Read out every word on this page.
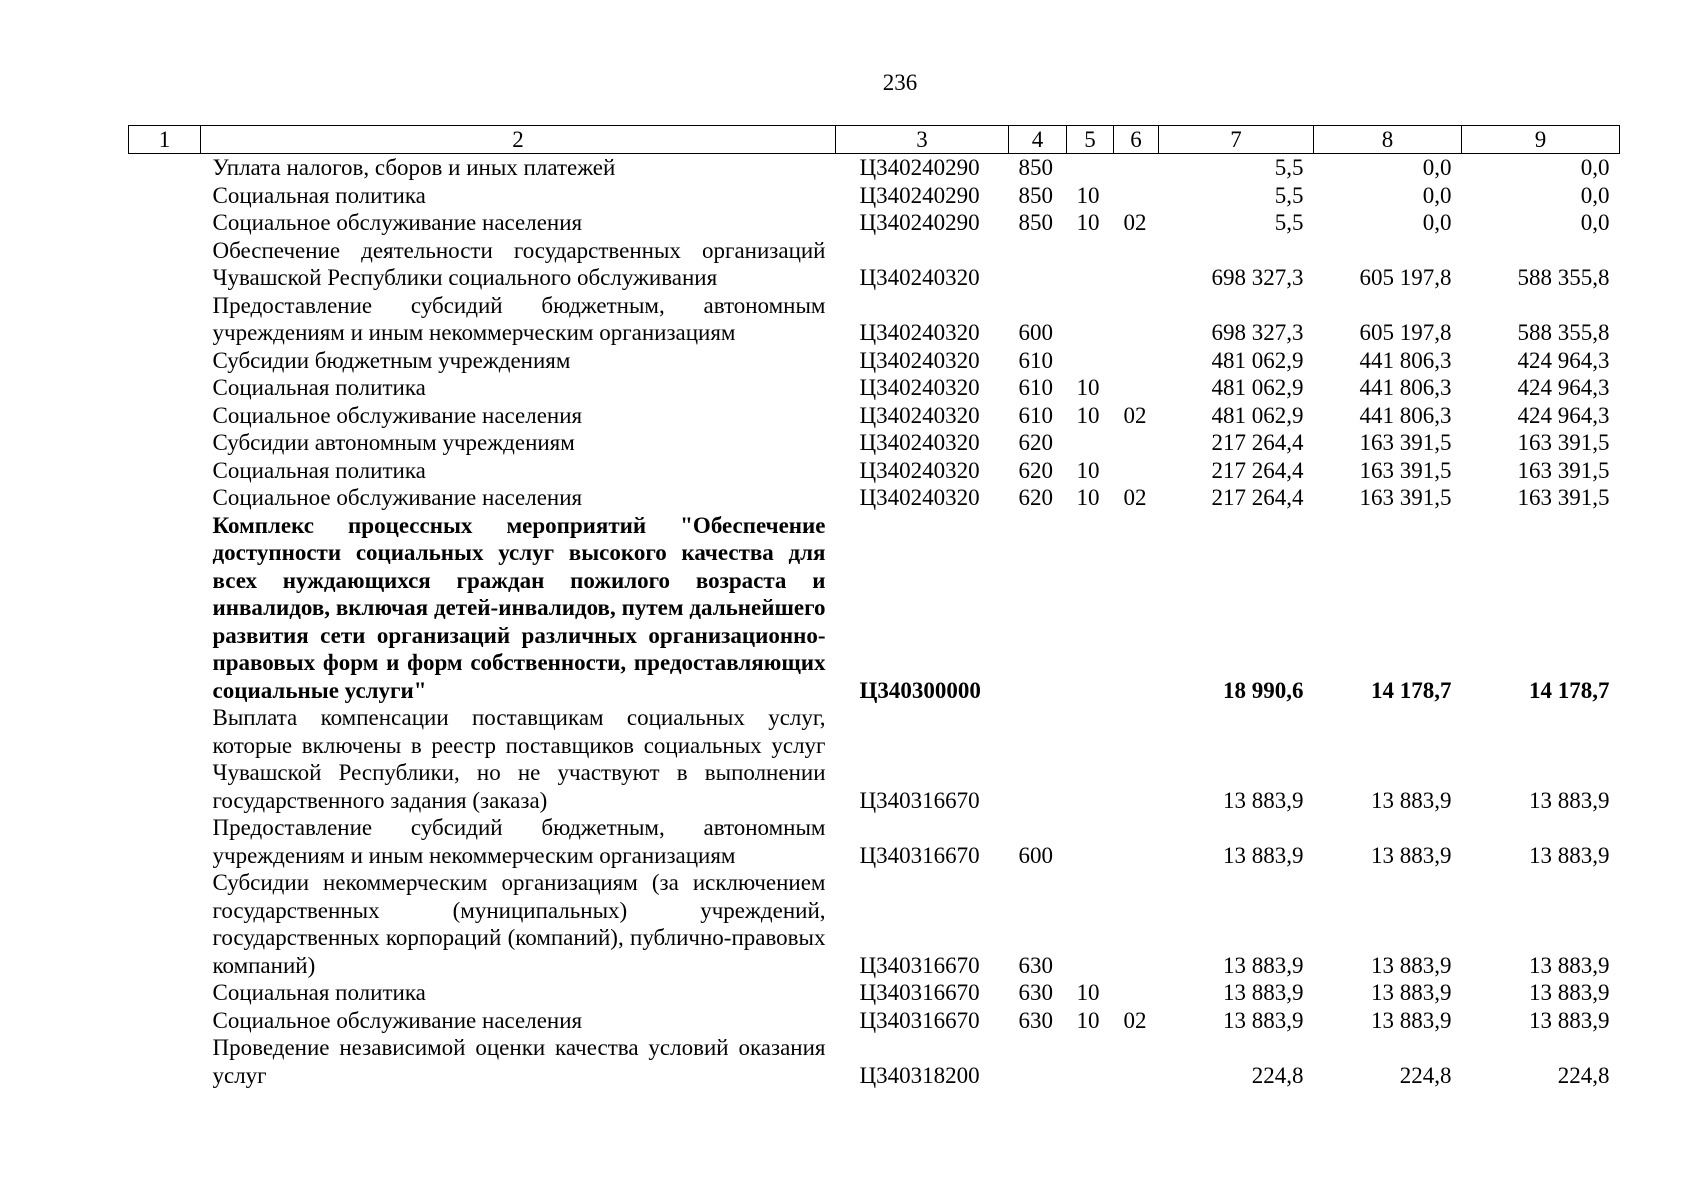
236
1	2	3	4	5	6	7	8	9
	Уплата налогов, сборов и иных платежей	Ц340240290	850			5,5	0,0	0,0
	Социальная политика	Ц340240290	850	10		5,5	0,0	0,0
	Социальное обслуживание населения	Ц340240290	850	10	02	5,5	0,0	0,0
	Обеспечение деятельности государственных организаций Чувашской Республики социального обслуживания	Ц340240320				698 327,3	605 197,8	588 355,8
	Предоставление субсидий бюджетным, автономным учреждениям и иным некоммерческим организациям	Ц340240320	600			698 327,3	605 197,8	588 355,8
	Субсидии бюджетным учреждениям	Ц340240320	610			481 062,9	441 806,3	424 964,3
	Социальная политика	Ц340240320	610	10		481 062,9	441 806,3	424 964,3
	Социальное обслуживание населения	Ц340240320	610	10	02	481 062,9	441 806,3	424 964,3
	Субсидии автономным учреждениям	Ц340240320	620			217 264,4	163 391,5	163 391,5
	Социальная политика	Ц340240320	620	10		217 264,4	163 391,5	163 391,5
	Социальное обслуживание населения	Ц340240320	620	10	02	217 264,4	163 391,5	163 391,5
	Комплекс процессных мероприятий "Обеспечение доступности социальных услуг высокого качества для всех нуждающихся граждан пожилого возраста и инвалидов, включая детей-инвалидов, путем дальнейшего развития сети организаций различных организационно-правовых форм и форм собственности, предоставляющих социальные услуги"	Ц340300000				18 990,6	14 178,7	14 178,7
	Выплата компенсации поставщикам социальных услуг, которые включены в реестр поставщиков социальных услуг Чувашской Республики, но не участвуют в выполнении государственного задания (заказа)	Ц340316670				13 883,9	13 883,9	13 883,9
	Предоставление субсидий бюджетным, автономным учреждениям и иным некоммерческим организациям	Ц340316670	600			13 883,9	13 883,9	13 883,9
	Субсидии некоммерческим организациям (за исключением государственных (муниципальных) учреждений, государственных корпораций (компаний), публично-правовых компаний)	Ц340316670	630			13 883,9	13 883,9	13 883,9
	Социальная политика	Ц340316670	630	10		13 883,9	13 883,9	13 883,9
	Социальное обслуживание населения	Ц340316670	630	10	02	13 883,9	13 883,9	13 883,9
	Проведение независимой оценки качества условий оказания услуг	Ц340318200				224,8	224,8	224,8
